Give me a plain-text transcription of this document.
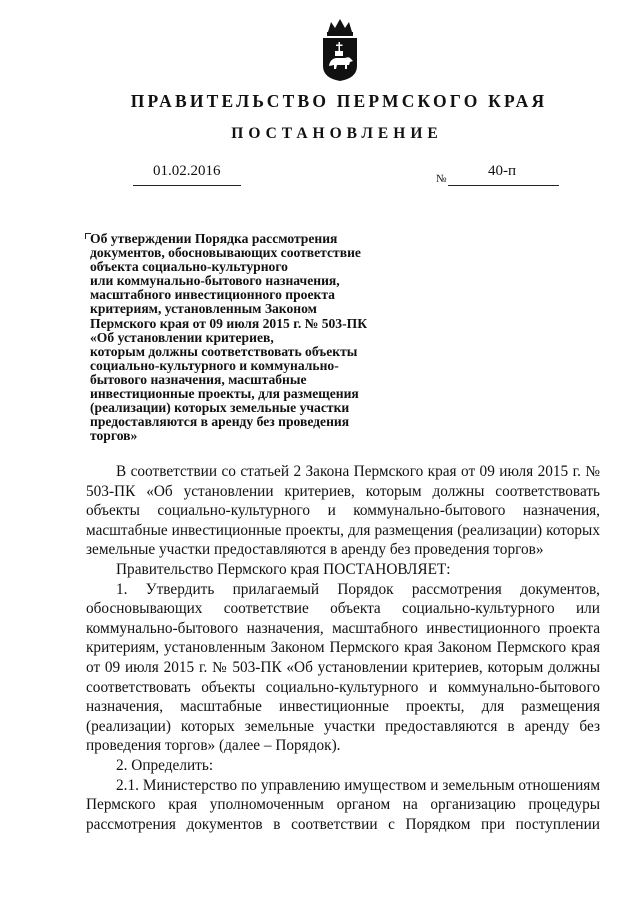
ПРАВИТЕЛЬСТВО ПЕРМСКОГО КРАЯ
ПОСТАНОВЛЕНИЕ
01.02.2016	№	40-п
Об утверждении Порядка рассмотрения
документов, обосновывающих соответствие
объекта социально-культурного
или коммунально-бытового назначения,
масштабного инвестиционного проекта
критериям, установленным Законом
Пермского края от 09 июля 2015 г. № 503-ПК
«Об установлении критериев,
которым должны соответствовать объекты
социально-культурного и коммунально-
бытового назначения, масштабные
инвестиционные проекты, для размещения
(реализации) которых земельные участки
предоставляются в аренду без проведения
торгов»

В соответствии со статьей 2 Закона Пермского края от 09 июля 2015 г. № 503-ПК «Об установлении критериев, которым должны соответствовать объекты социально-культурного и коммунально-бытового назначения, масштабные инвестиционные проекты, для размещения (реализации) которых земельные участки предоставляются в аренду без проведения торгов»

Правительство Пермского края ПОСТАНОВЛЯЕТ:

1. Утвердить прилагаемый Порядок рассмотрения документов, обосновывающих соответствие объекта социально-культурного или коммунально-бытового назначения, масштабного инвестиционного проекта критериям, установленным Законом Пермского края Законом Пермского края от 09 июля 2015 г. № 503-ПК «Об установлении критериев, которым должны соответствовать объекты социально-культурного и коммунально-бытового назначения, масштабные инвестиционные проекты, для размещения (реализации) которых земельные участки предоставляются в аренду без проведения торгов» (далее – Порядок).

2. Определить:

2.1. Министерство по управлению имуществом и земельным отношениям Пермского края уполномоченным органом на организацию процедуры рассмотрения документов в соответствии с Порядком при поступлении
